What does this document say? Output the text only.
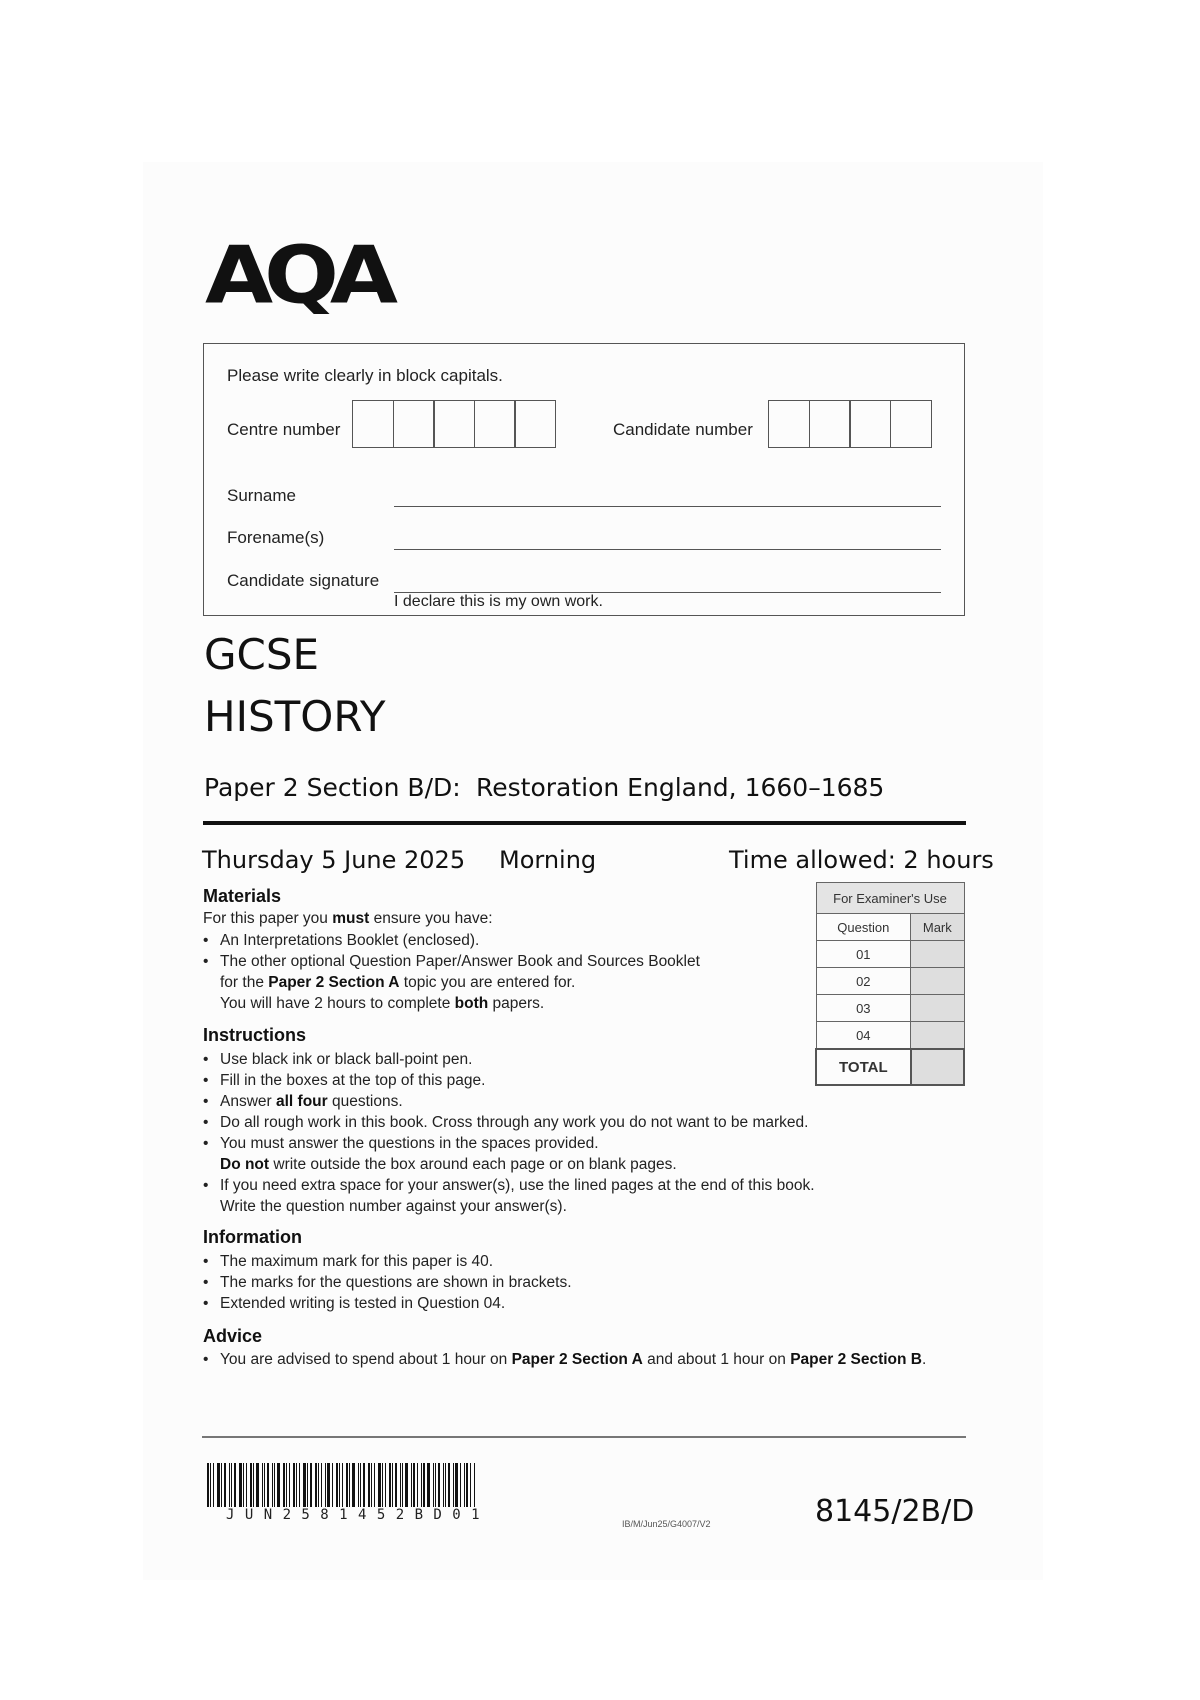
AQA
Please write clearly in block capitals.
Centre number	Candidate number
Surname
Forename(s)
Candidate signature
I declare this is my own work.
GCSE
HISTORY
Paper 2 Section B/D: Restoration England, 1660–1685
Thursday 5 June 2025 Morning	Time allowed: 2 hours
Materials
For this paper you must ensure you have:
• An Interpretations Booklet (enclosed).
• The other optional Question Paper/Answer Book and Sources Booklet
for the Paper 2 Section A topic you are entered for.
You will have 2 hours to complete both papers.
Instructions
• Use black ink or black ball-point pen.
• Fill in the boxes at the top of this page.
• Answer all four questions.
• Do all rough work in this book. Cross through any work you do not want to be marked.
• You must answer the questions in the spaces provided.
Do not write outside the box around each page or on blank pages.
• If you need extra space for your answer(s), use the lined pages at the end of this book.
Write the question number against your answer(s).
Information
• The maximum mark for this paper is 40.
• The marks for the questions are shown in brackets.
• Extended writing is tested in Question 04.
Advice
• You are advised to spend about 1 hour on Paper 2 Section A and about 1 hour on Paper 2 Section B.
For Examiner's Use	
Question	Mark
01	
02	
03	
04	
TOTAL	
J U N 2 5 8 1 4 5 2 B D 0 1
IB/M/Jun25/G4007/V2	8145/2B/D
